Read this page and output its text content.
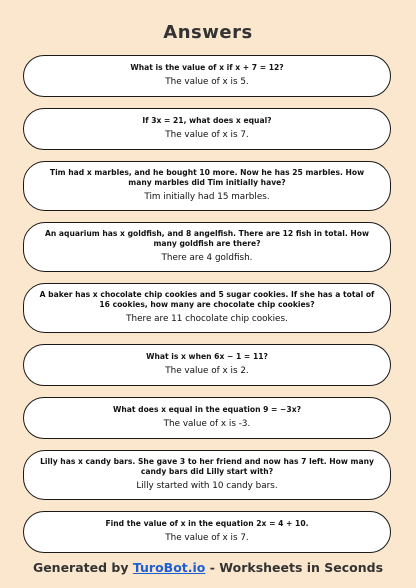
Answers
What is the value of x if x + 7 = 12?
The value of x is 5.
If 3x = 21, what does x equal?
The value of x is 7.
Tim had x marbles, and he bought 10 more. Now he has 25 marbles. How many marbles did Tim initially have?
Tim initially had 15 marbles.
An aquarium has x goldfish, and 8 angelfish. There are 12 fish in total. How many goldfish are there?
There are 4 goldfish.
A baker has x chocolate chip cookies and 5 sugar cookies. If she has a total of 16 cookies, how many are chocolate chip cookies?
There are 11 chocolate chip cookies.
What is x when 6x − 1 = 11?
The value of x is 2.
What does x equal in the equation 9 = −3x?
The value of x is -3.
Lilly has x candy bars. She gave 3 to her friend and now has 7 left. How many candy bars did Lilly start with?
Lilly started with 10 candy bars.
Find the value of x in the equation 2x = 4 + 10.
The value of x is 7.
Generated by TuroBot.io - Worksheets in Seconds
